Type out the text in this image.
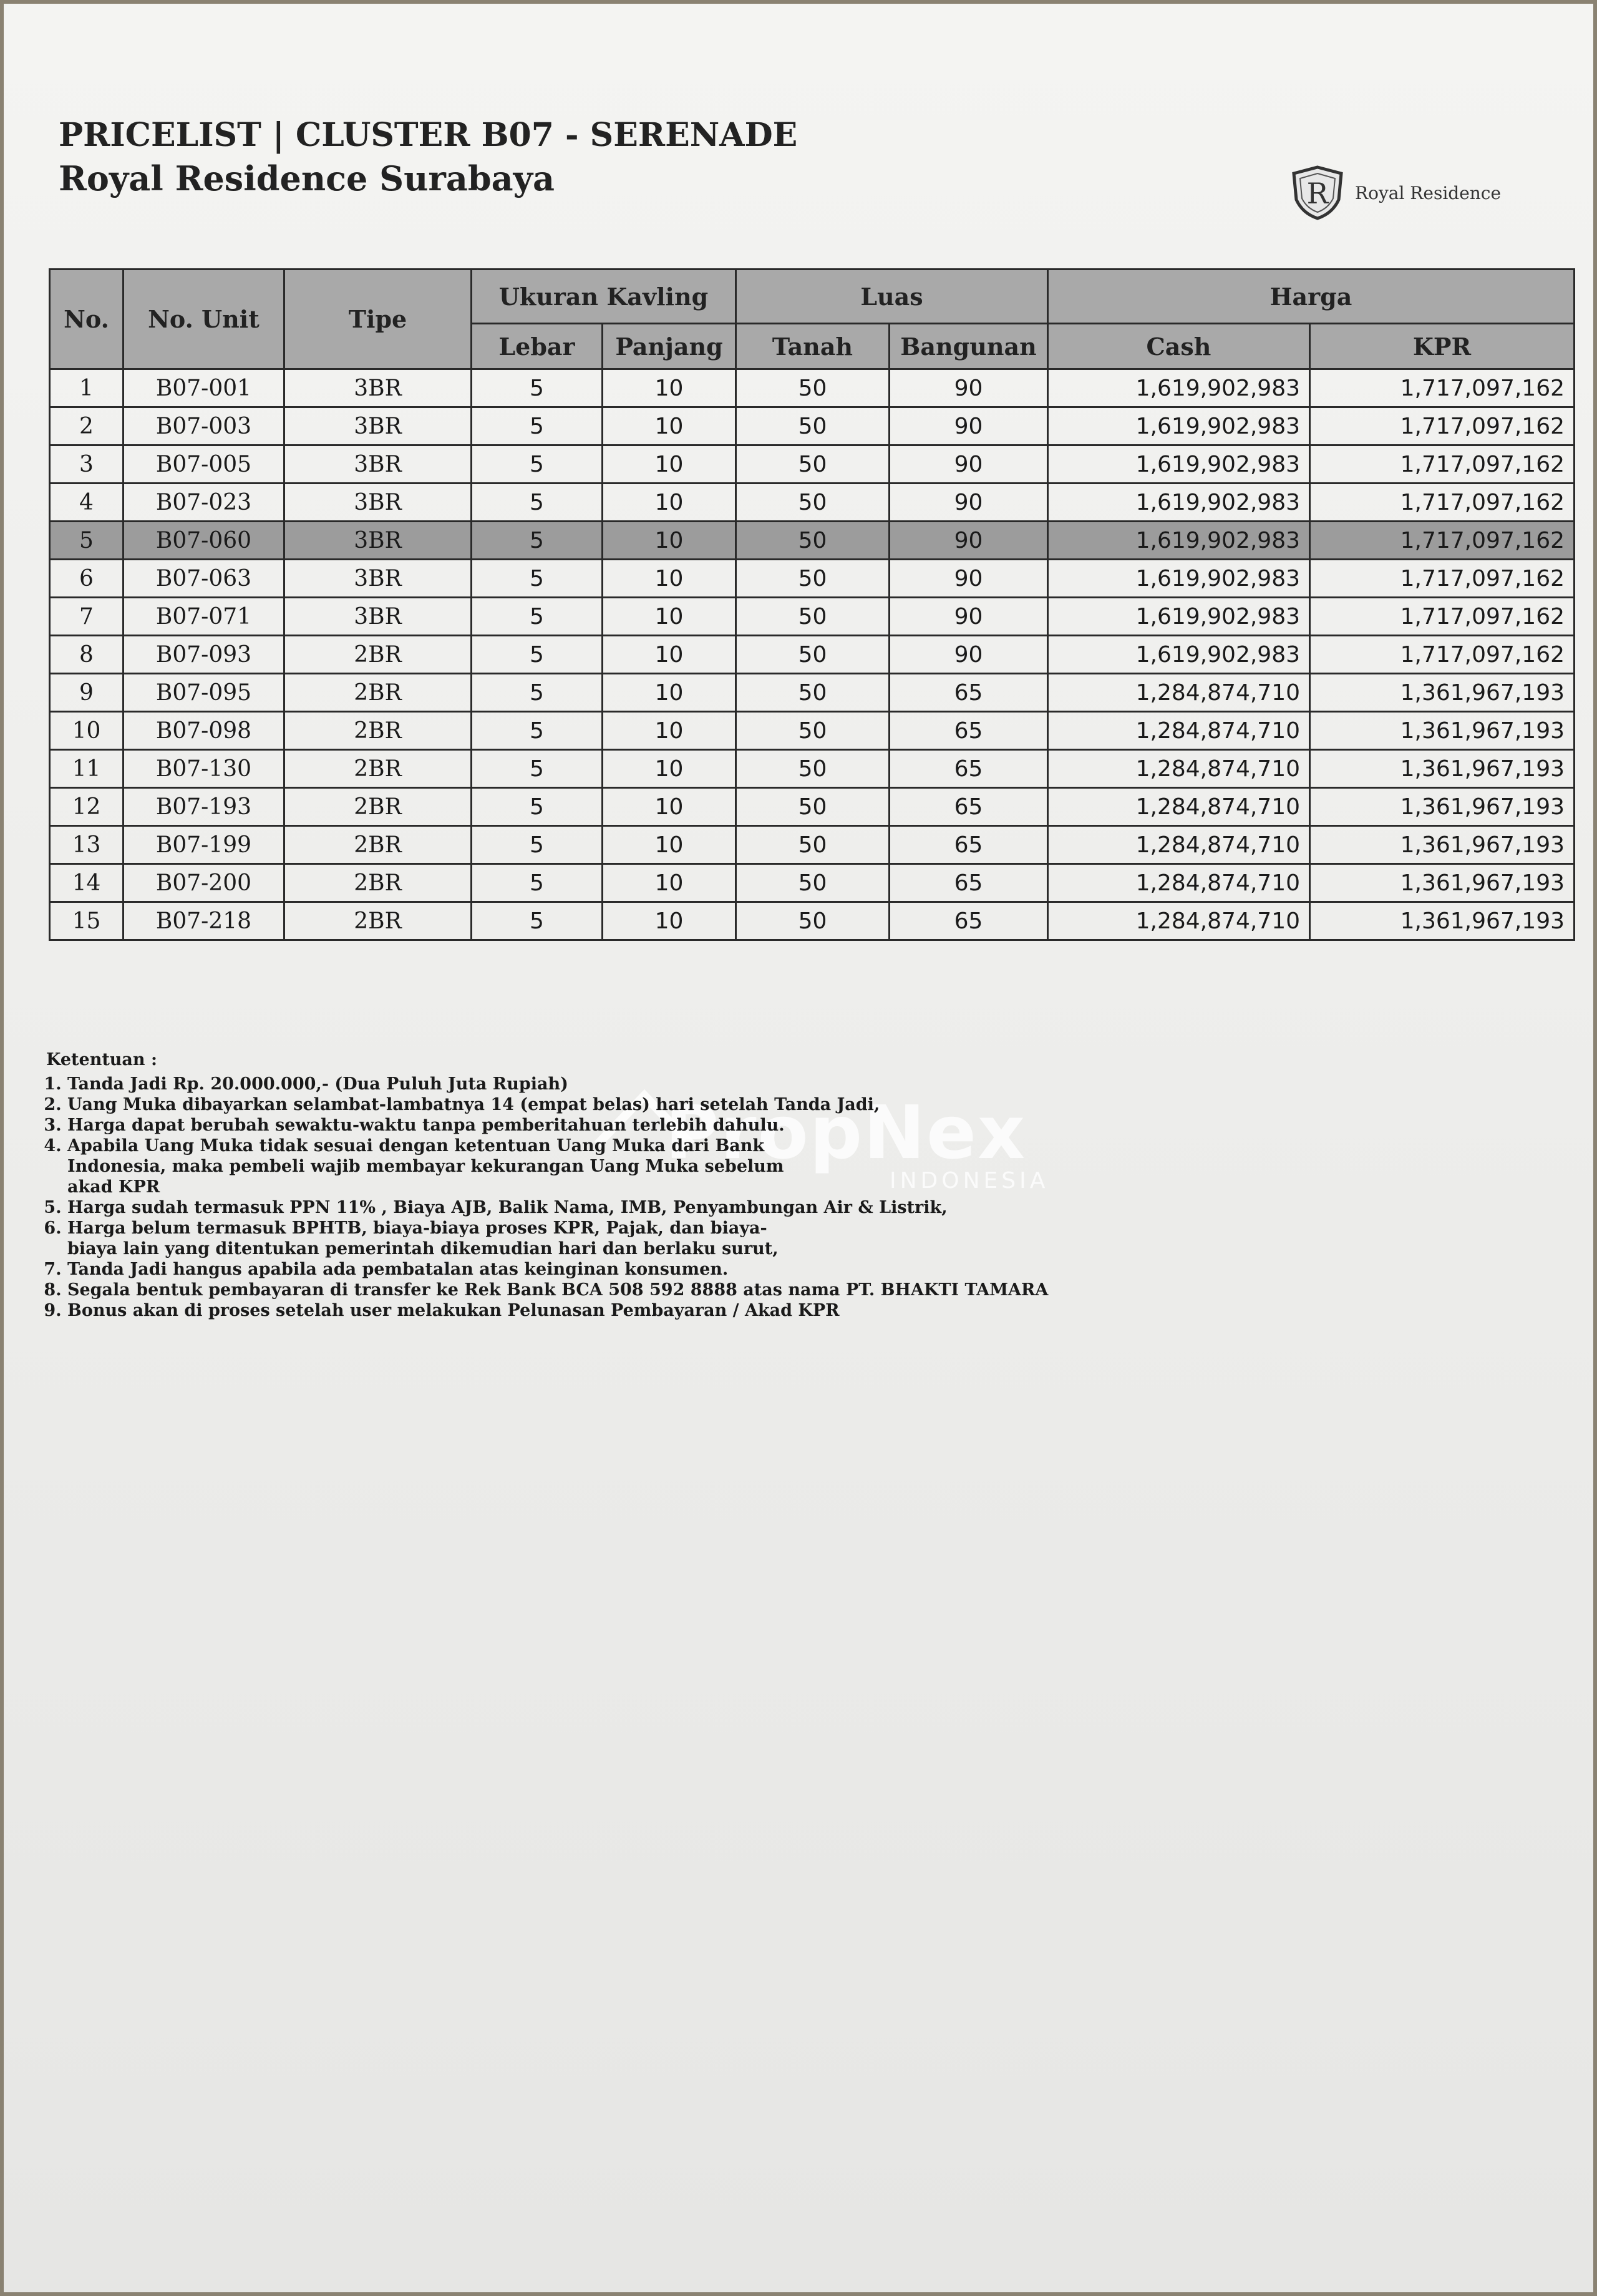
PRICELIST | CLUSTER B07 - SERENADE
Royal Residence Surabaya	R Royal Residence
No.	No. Unit	Tipe	Ukuran Kavling		Luas		Harga	
			Lebar	Panjang	Tanah	Bangunan	Cash	KPR
1	B07-001	3BR	5	10	50	90	1,619,902,983	1,717,097,162
2	B07-003	3BR	5	10	50	90	1,619,902,983	1,717,097,162
3	B07-005	3BR	5	10	50	90	1,619,902,983	1,717,097,162
4	B07-023	3BR	5	10	50	90	1,619,902,983	1,717,097,162
5	B07-060	3BR	5	10	50	90	1,619,902,983	1,717,097,162
6	B07-063	3BR	5	10	50	90	1,619,902,983	1,717,097,162
7	B07-071	3BR	5	10	50	90	1,619,902,983	1,717,097,162
8	B07-093	2BR	5	10	50	90	1,619,902,983	1,717,097,162
9	B07-095	2BR	5	10	50	65	1,284,874,710	1,361,967,193
10	B07-098	2BR	5	10	50	65	1,284,874,710	1,361,967,193
11	B07-130	2BR	5	10	50	65	1,284,874,710	1,361,967,193
12	B07-193	2BR	5	10	50	65	1,284,874,710	1,361,967,193
13	B07-199	2BR	5	10	50	65	1,284,874,710	1,361,967,193
14	B07-200	2BR	5	10	50	65	1,284,874,710	1,361,967,193
15	B07-218	2BR	5	10	50	65	1,284,874,710	1,361,967,193
PropNex
INDONESIA
Ketentuan :
1. Tanda Jadi Rp. 20.000.000,- (Dua Puluh Juta Rupiah)
2. Uang Muka dibayarkan selambat-lambatnya 14 (empat belas) hari setelah Tanda Jadi,
3. Harga dapat berubah sewaktu-waktu tanpa pemberitahuan terlebih dahulu.
4. Apabila Uang Muka tidak sesuai dengan ketentuan Uang Muka dari Bank Indonesia, maka pembeli wajib membayar kekurangan Uang Muka sebelum akad KPR
5. Harga sudah termasuk PPN 11% , Biaya AJB, Balik Nama, IMB, Penyambungan Air & Listrik,
6. Harga belum termasuk BPHTB, biaya-biaya proses KPR, Pajak, dan biaya-biaya lain yang ditentukan pemerintah dikemudian hari dan berlaku surut,
7. Tanda Jadi hangus apabila ada pembatalan atas keinginan konsumen.
8. Segala bentuk pembayaran di transfer ke Rek Bank BCA 508 592 8888 atas nama PT. BHAKTI TAMARA
9. Bonus akan di proses setelah user melakukan Pelunasan Pembayaran / Akad KPR
